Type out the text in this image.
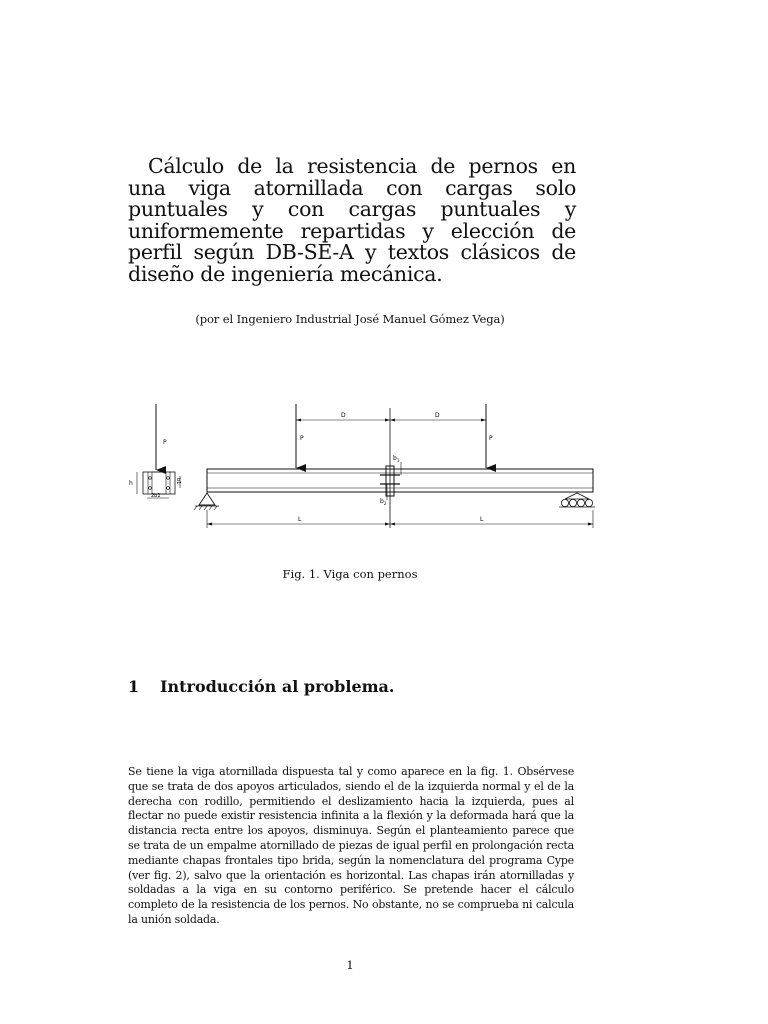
Cálculo de la resistencia de pernos en una viga atornillada con cargas solo puntuales y con cargas puntuales y uniformemente repartidas y elección de perfil según DB-SE-A y textos clásicos de diseño de ingeniería mecánica.
(por el Ingeniero Industrial José Manuel Gómez Vega)
P
h	b1
2b1
$b_1$
$b_2$
P	P
D	D
L	L
Fig. 1. Viga con pernos
1 Introducción al problema.

Se tiene la viga atornillada dispuesta tal y como aparece en la fig. 1. Obsérvese que se trata de dos apoyos articulados, siendo el de la izquierda normal y el de la derecha con rodillo, permitiendo el deslizamiento hacia la izquierda, pues al flectar no puede existir resistencia infinita a la flexión y la deformada hará que la distancia recta entre los apoyos, disminuya. Según el planteamiento parece que se trata de un empalme atornillado de piezas de igual perfil en prolongación recta mediante chapas frontales tipo brida, según la nomenclatura del programa Cype (ver fig. 2), salvo que la orientación es horizontal. Las chapas irán atornilladas y soldadas a la viga en su contorno periférico. Se pretende hacer el cálculo completo de la resistencia de los pernos. No obstante, no se comprueba ni calcula la unión soldada.

1
